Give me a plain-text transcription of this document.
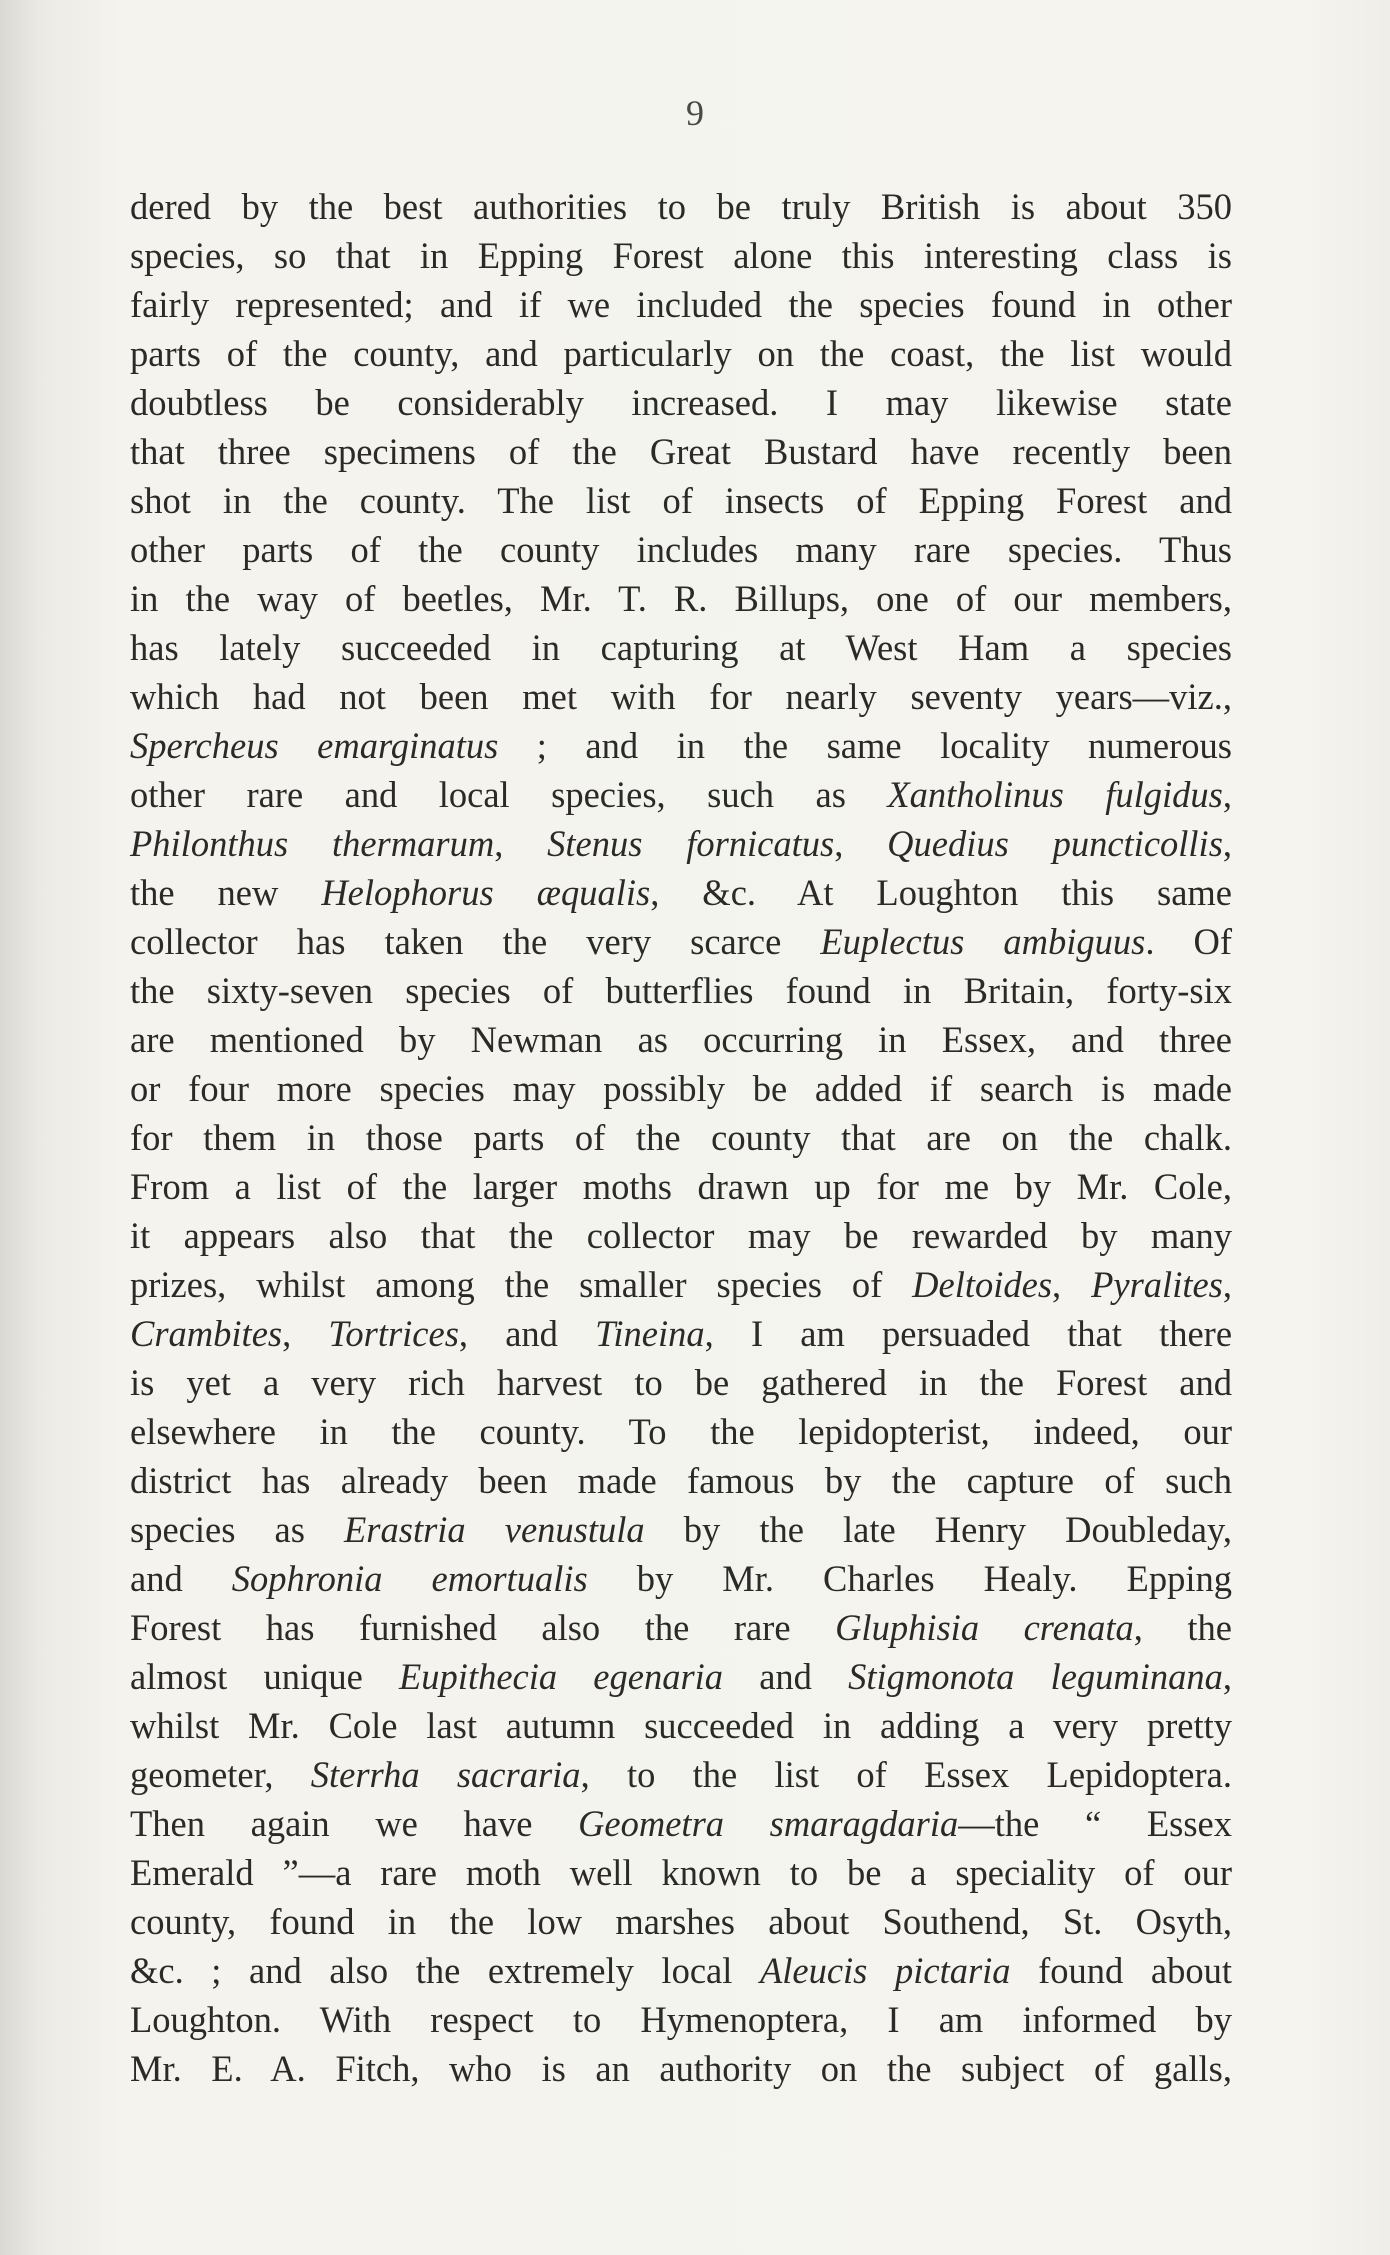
9
dered by the best authorities to be truly British is about 350
species, so that in Epping Forest alone this interesting class is
fairly represented; and if we included the species found in other
parts of the county, and particularly on the coast, the list would
doubtless be considerably increased. I may likewise state
that three specimens of the Great Bustard have recently been
shot in the county. The list of insects of Epping Forest and
other parts of the county includes many rare species. Thus
in the way of beetles, Mr. T. R. Billups, one of our members,
has lately succeeded in capturing at West Ham a species
which had not been met with for nearly seventy years—viz.,
Spercheus emarginatus ; and in the same locality numerous
other rare and local species, such as Xantholinus fulgidus,
Philonthus thermarum, Stenus fornicatus, Quedius puncticollis,
the new Helophorus æqualis, &c. At Loughton this same
collector has taken the very scarce Euplectus ambiguus. Of
the sixty-seven species of butterflies found in Britain, forty-six
are mentioned by Newman as occurring in Essex, and three
or four more species may possibly be added if search is made
for them in those parts of the county that are on the chalk.
From a list of the larger moths drawn up for me by Mr. Cole,
it appears also that the collector may be rewarded by many
prizes, whilst among the smaller species of Deltoides, Pyralites,
Crambites, Tortrices, and Tineina, I am persuaded that there
is yet a very rich harvest to be gathered in the Forest and
elsewhere in the county. To the lepidopterist, indeed, our
district has already been made famous by the capture of such
species as Erastria venustula by the late Henry Doubleday,
and Sophronia emortualis by Mr. Charles Healy. Epping
Forest has furnished also the rare Gluphisia crenata, the
almost unique Eupithecia egenaria and Stigmonota leguminana,
whilst Mr. Cole last autumn succeeded in adding a very pretty
geometer, Sterrha sacraria, to the list of Essex Lepidoptera.
Then again we have Geometra smaragdaria—the “ Essex
Emerald ”—a rare moth well known to be a speciality of our
county, found in the low marshes about Southend, St. Osyth,
&c. ; and also the extremely local Aleucis pictaria found about
Loughton. With respect to Hymenoptera, I am informed by
Mr. E. A. Fitch, who is an authority on the subject of galls,
